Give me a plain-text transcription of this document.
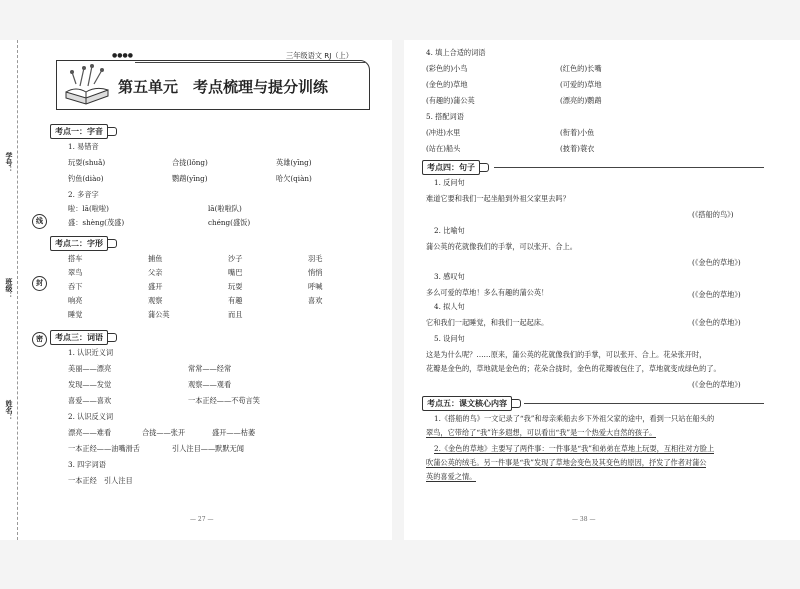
学号：
班级：
姓名：
线
封
密
●●●●	三年级语文 RJ（上）
第五单元　考点梳理与提分训练
考点一：字音
1. 易错音
玩耍(shuǎ)	合拢(lǒng)	英雄(yīng)
钓鱼(diào)	鹦鹉(yīng)	哈欠(qiàn)
2. 多音字
啦：lā(啦啦)	lā(啦啦队)
盛：shèng(茂盛)	chéng(盛饭)
考点二：字形
搭车	捕鱼	沙子	羽毛
翠鸟	父亲	嘴巴	悄悄
吞下	盛开	玩耍	呼喊
响亮	观察	有趣	喜欢
睡觉	蒲公英	而且
考点三：词语
1. 认识近义词
美丽——漂亮	常常——经常
发现——发觉	观察——观看
喜爱——喜欢	一本正经——不苟言笑
2. 认识反义词
漂亮——难看	合拢——张开	盛开——枯萎
一本正经——油嘴滑舌	引人注目——默默无闻
3. 四字词语
一本正经　引人注目
— 27 —
4. 填上合适的词语
(彩色的)小鸟	(红色的)长嘴
(金色的)草地	(可爱的)草地
(有趣的)蒲公英	(漂亮的)鹦鹉
5. 搭配词语
(冲进)水里	(衔着)小鱼
(站在)船头	(披着)蓑衣
考点四：句子
1. 反问句
难道它要和我们一起坐船到外祖父家里去吗？
(《搭船的鸟》)
2. 比喻句
蒲公英的花就像我们的手掌，可以张开、合上。
(《金色的草地》)
3. 感叹句
多么可爱的草地！多么有趣的蒲公英！	(《金色的草地》)
4. 拟人句
它和我们一起睡觉，和我们一起起床。	(《金色的草地》)
5. 设问句
这是为什么呢？……原来，蒲公英的花就像我们的手掌，可以张开、合上。花朵张开时，
花瓣是金色的，草地就是金色的；花朵合拢时，金色的花瓣被包住了，草地就变成绿色的了。
(《金色的草地》)
考点五：课文核心内容
1.《搭船的鸟》一文记录了“我”和母亲乘船去乡下外祖父家的途中，看到一只站在船头的
翠鸟，它带给了“我”许多遐想，可以看出“我”是一个热爱大自然的孩子。
2.《金色的草地》主要写了两件事：一件事是“我”和弟弟在草地上玩耍，互相往对方脸上
吹蒲公英的绒毛。另一件事是“我”发现了草地会变色及其变色的原因，抒发了作者对蒲公
英的喜爱之情。
— 38 —
